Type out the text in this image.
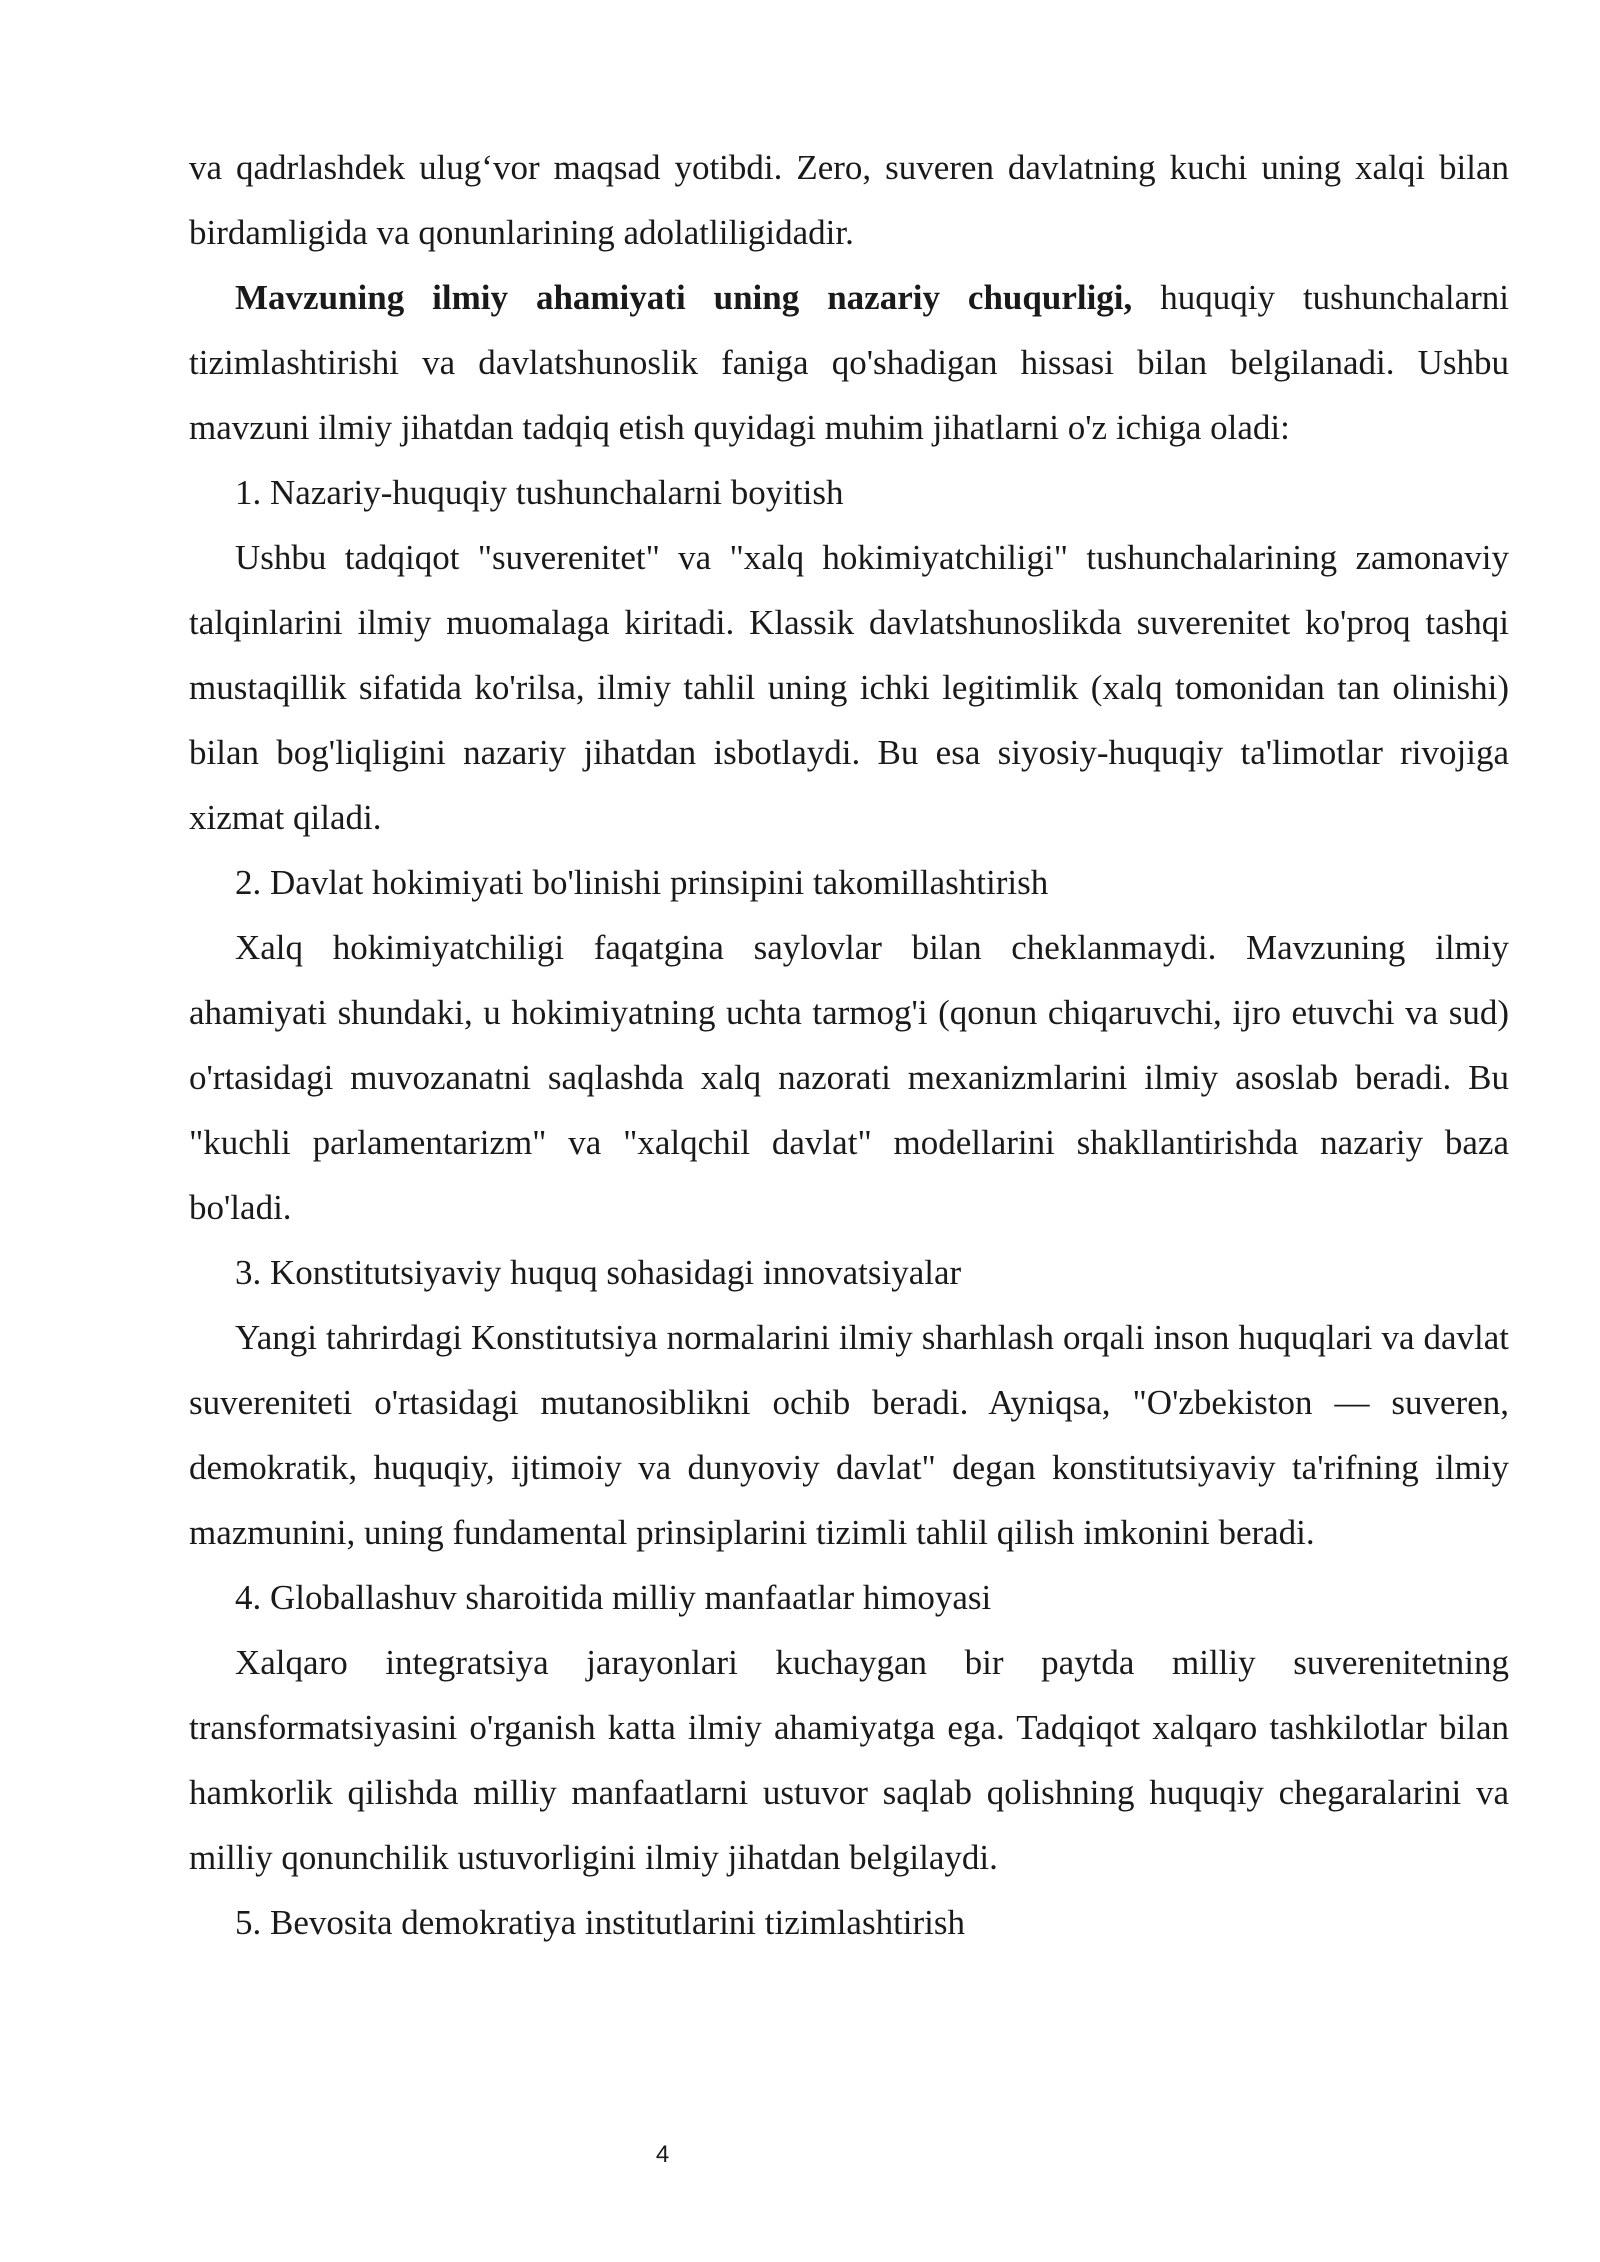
va qadrlashdek ulug‘vor maqsad yotibdi. Zero, suveren davlatning kuchi uning xalqi bilan birdamligida va qonunlarining adolatliligidadir.

Mavzuning ilmiy ahamiyati uning nazariy chuqurligi, huquqiy tushunchalarni tizimlashtirishi va davlatshunoslik faniga qo'shadigan hissasi bilan belgilanadi. Ushbu mavzuni ilmiy jihatdan tadqiq etish quyidagi muhim jihatlarni o'z ichiga oladi:

1. Nazariy-huquqiy tushunchalarni boyitish

Ushbu tadqiqot "suverenitet" va "xalq hokimiyatchiligi" tushunchalarining zamonaviy talqinlarini ilmiy muomalaga kiritadi. Klassik davlatshunoslikda suverenitet ko'proq tashqi mustaqillik sifatida ko'rilsa, ilmiy tahlil uning ichki legitimlik (xalq tomonidan tan olinishi) bilan bog'liqligini nazariy jihatdan isbotlaydi. Bu esa siyosiy-huquqiy ta'limotlar rivojiga xizmat qiladi.

2. Davlat hokimiyati bo'linishi prinsipini takomillashtirish

Xalq hokimiyatchiligi faqatgina saylovlar bilan cheklanmaydi. Mavzuning ilmiy ahamiyati shundaki, u hokimiyatning uchta tarmog'i (qonun chiqaruvchi, ijro etuvchi va sud) o'rtasidagi muvozanatni saqlashda xalq nazorati mexanizmlarini ilmiy asoslab beradi. Bu "kuchli parlamentarizm" va "xalqchil davlat" modellarini shakllantirishda nazariy baza bo'ladi.

3. Konstitutsiyaviy huquq sohasidagi innovatsiyalar

Yangi tahrirdagi Konstitutsiya normalarini ilmiy sharhlash orqali inson huquqlari va davlat suvereniteti o'rtasidagi mutanosiblikni ochib beradi. Ayniqsa, "O'zbekiston — suveren, demokratik, huquqiy, ijtimoiy va dunyoviy davlat" degan konstitutsiyaviy ta'rifning ilmiy mazmunini, uning fundamental prinsiplarini tizimli tahlil qilish imkonini beradi.

4. Globallashuv sharoitida milliy manfaatlar himoyasi

Xalqaro integratsiya jarayonlari kuchaygan bir paytda milliy suverenitetning transformatsiyasini o'rganish katta ilmiy ahamiyatga ega. Tadqiqot xalqaro tashkilotlar bilan hamkorlik qilishda milliy manfaatlarni ustuvor saqlab qolishning huquqiy chegaralarini va milliy qonunchilik ustuvorligini ilmiy jihatdan belgilaydi.

5. Bevosita demokratiya institutlarini tizimlashtirish

4
